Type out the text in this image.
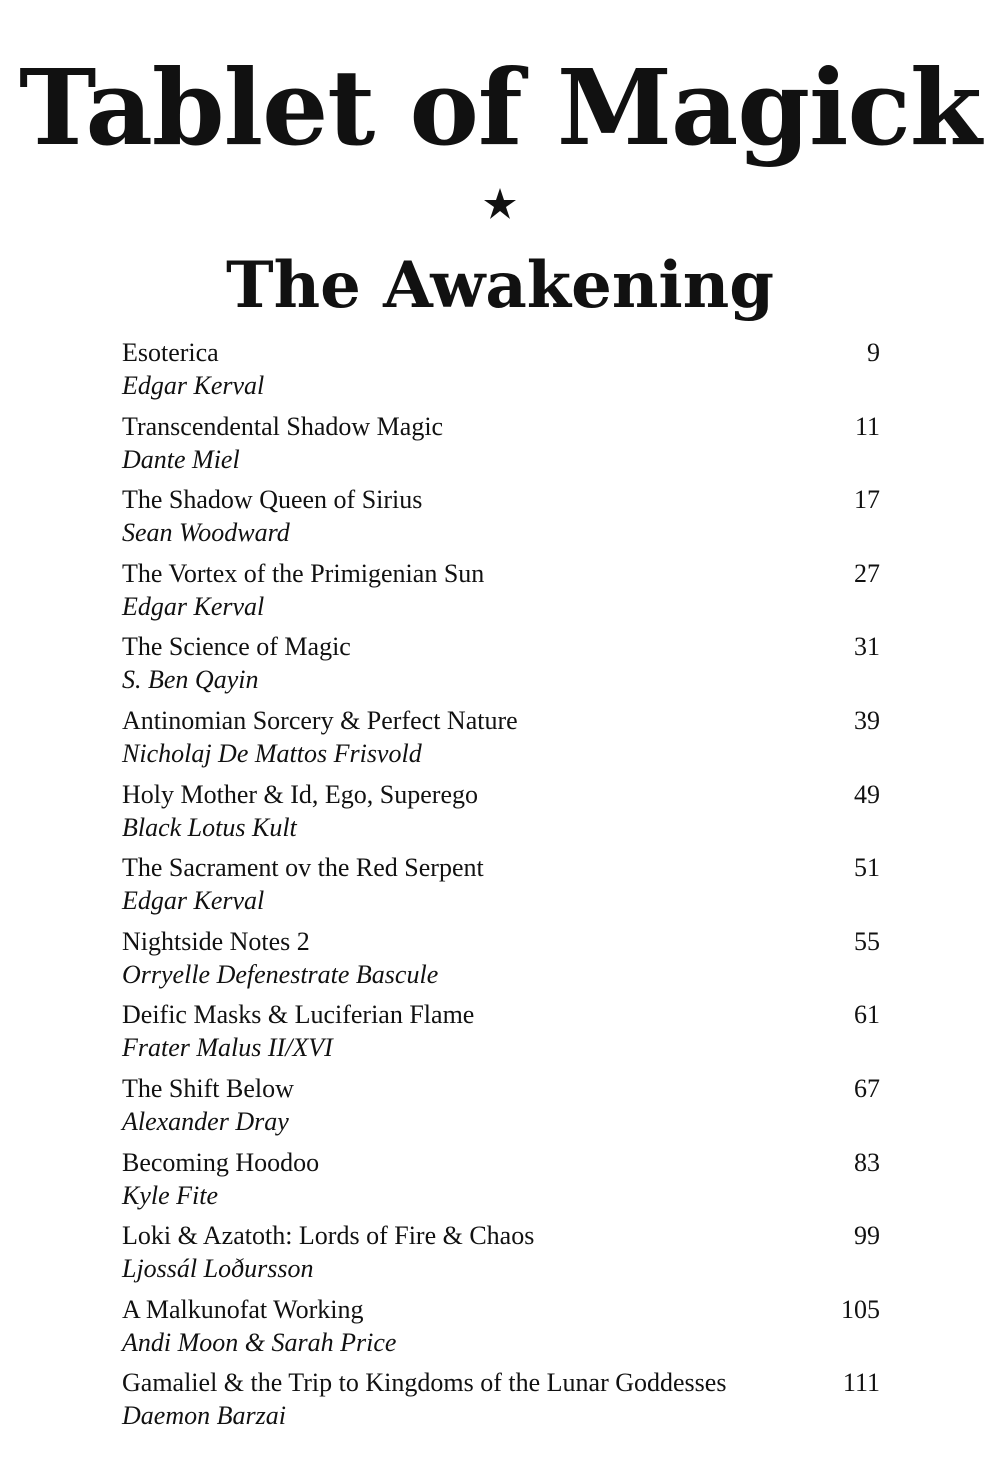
Tablet of Magick
The Awakening
Esoterica
Edgar Kerval
9
Transcendental Shadow Magic
Dante Miel
11
The Shadow Queen of Sirius
Sean Woodward
17
The Vortex of the Primigenian Sun
Edgar Kerval
27
The Science of Magic
S. Ben Qayin
31
Antinomian Sorcery & Perfect Nature
Nicholaj De Mattos Frisvold
39
Holy Mother & Id, Ego, Superego
Black Lotus Kult
49
The Sacrament ov the Red Serpent
Edgar Kerval
51
Nightside Notes 2
Orryelle Defenestrate Bascule
55
Deific Masks & Luciferian Flame
Frater Malus II/XVI
61
The Shift Below
Alexander Dray
67
Becoming Hoodoo
Kyle Fite
83
Loki & Azatoth: Lords of Fire & Chaos
Ljossál Loðursson
99
A Malkunofat Working
Andi Moon & Sarah Price
105
Gamaliel & the Trip to Kingdoms of the Lunar Goddesses
Daemon Barzai
111
